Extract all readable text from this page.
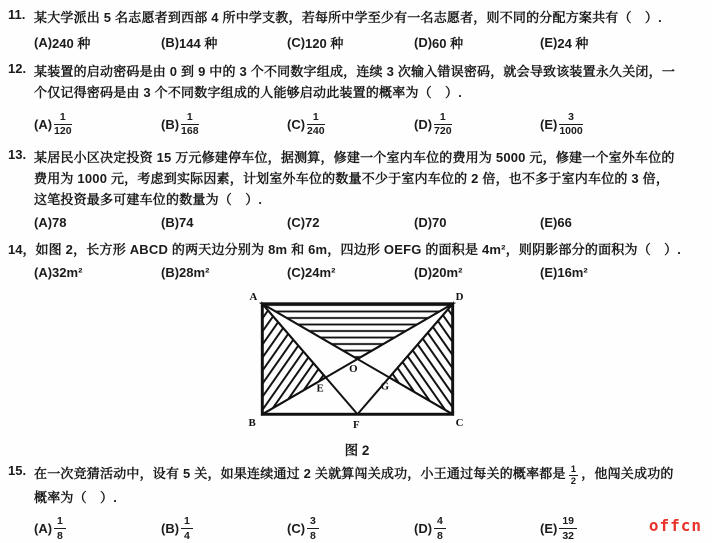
11. 某大学派出 5 名志愿者到西部 4 所中学支教，若每所中学至少有一名志愿者，则不同的分配方案共有（　）.

(A) 240 种	(B) 144 种	(C) 120 种	(D) 60 种	(E) 24 种
12. 某装置的启动密码是由 0 到 9 中的 3 个不同数字组成，连续 3 次输入错误密码，就会导致该装置永久关闭，一

个仅记得密码是由 3 个不同数字组成的人能够启动此装置的概率为（　）.

$(A) \frac{1}{120}$	$(B) \frac{1}{168}$	$(C) \frac{1}{240}$	$(D) \frac{1}{720}$	$(E) \frac{3}{1000}$
13. 某居民小区决定投资 15 万元修建停车位，据测算，修建一个室内车位的费用为 5000 元，修建一个室外车位的

费用为 1000 元，考虑到实际因素，计划室外车位的数量不少于室内车位的 2 倍，也不多于室内车位的 3 倍，

这笔投资最多可建车位的数量为（　）.

(A) 78	(B) 74	(C) 72	(D) 70	(E) 66
14， 如图 2，长方形 ABCD 的两天边分别为 8m 和 6m，四边形 OEFG 的面积是 4m²，则阴影部分的面积为（　）.

(A) 32m²	(B) 28m²	(C) 24m²	(D) 20m²	(E) 16m²
A	D
B	C
F
O
E	G
图 2
15. 在一次竞猜活动中，设有 5 关，如果连续通过 2 关就算闯关成功，小王通过每关的概率都是 $\frac{1}{2}$ ，他闯关成功的

概率为（　）.

$(A) \frac{1}{8}$	$(B) \frac{1}{4}$	$(C) \frac{3}{8}$	$(D) \frac{4}{8}$	$(E) \frac{19}{32}$	offcn
